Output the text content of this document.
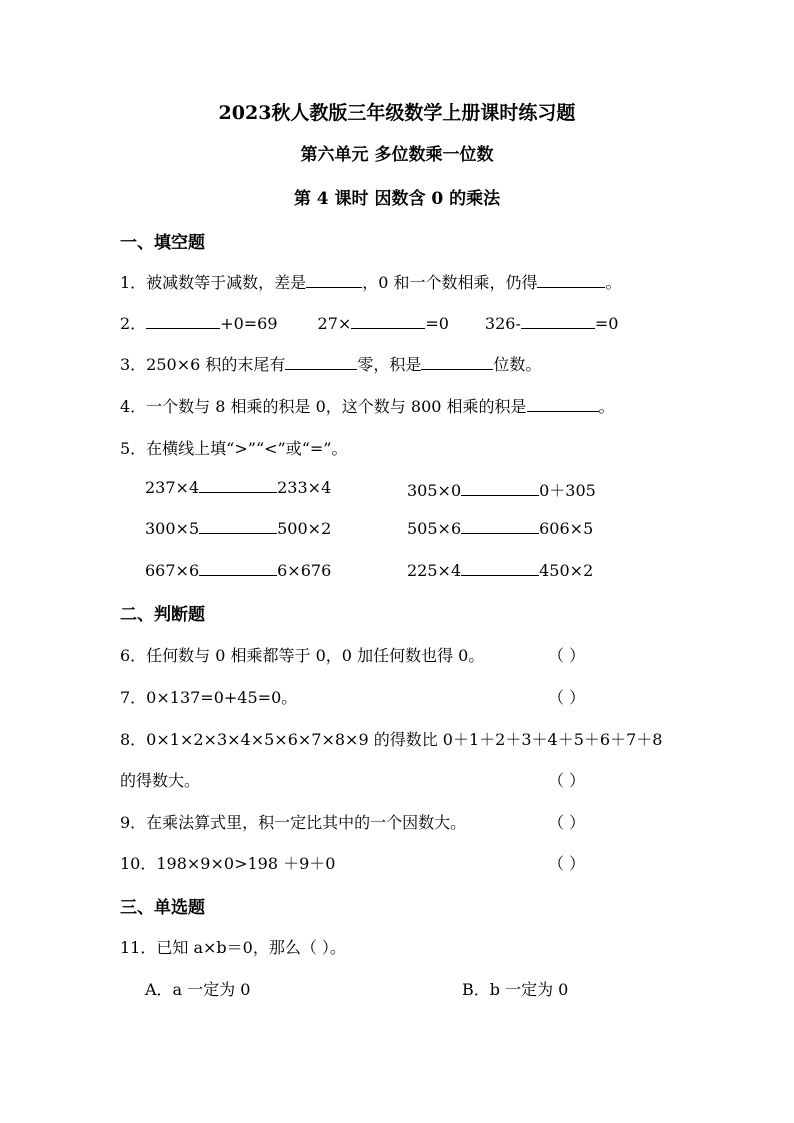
2023秋人教版三年级数学上册课时练习题
第六单元 多位数乘一位数
第 4 课时 因数含 0 的乘法
一、填空题
1．被减数等于减数，差是	，0 和一个数相乘，仍得	。
2．	+0=69	27×	=0 326-	=0
3．250×6 积的末尾有	零，积是	位数。
4．一个数与 8 相乘的积是 0，这个数与 800 相乘的积是	。
5．在横线上填“>”“<”或“=”。
237×4	233×4	305×0	0＋305
300×5	500×2	505×6	606×5
667×6	6×676	225×4	450×2
二、判断题
6．任何数与 0 相乘都等于 0，0 加任何数也得 0。	（ ）
7．0×137=0+45=0。	（ ）
8．0×1×2×3×4×5×6×7×8×9 的得数比 0＋1＋2＋3＋4＋5＋6＋7＋8
的得数大。	（ ）
9．在乘法算式里，积一定比其中的一个因数大。	（ ）
10．198×9×0>198 ＋9＋0	（ ）
三、单选题
11．已知 a×b＝0，那么（ ）。
A．a 一定为 0	B．b 一定为 0
